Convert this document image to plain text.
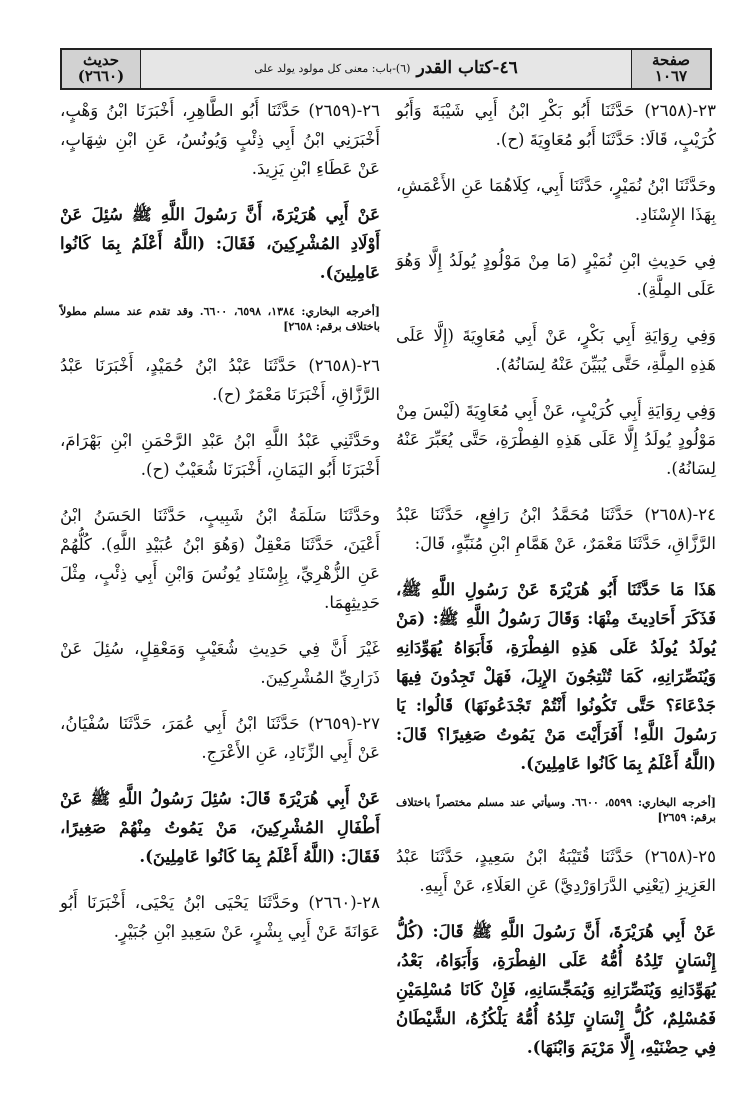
صفحة
١٠٦٧
٤٦-كتاب القدر
(٦)-باب: معنى كل مولود يولد على
حديث
(٢٦٦٠)

٢٣-(٢٦٥٨) حَدَّثَنَا أَبُو بَكْرِ ابْنُ أَبِي شَيْبَةَ وَأَبُو كُرَيْبٍ، قَالَا: حَدَّثَنَا أَبُو مُعَاوِيَةَ (ح).

وحَدَّثَنَا ابْنُ نُمَيْرٍ، حَدَّثَنَا أَبِي، كِلَاهُمَا عَنِ الأَعْمَشِ، بِهَذَا الإِسْنَادِ.

فِي حَدِيثِ ابْنِ نُمَيْرٍ (مَا مِنْ مَوْلُودٍ يُولَدُ إِلَّا وَهُوَ عَلَى المِلَّةِ).

وَفِي رِوَايَةِ أَبِي بَكْرٍ، عَنْ أَبِي مُعَاوِيَةَ (إِلَّا عَلَى هَذِهِ المِلَّةِ، حَتَّى يُبَيِّنَ عَنْهُ لِسَانُهُ).

وَفِي رِوَايَةِ أَبِي كُرَيْبٍ، عَنْ أَبِي مُعَاوِيَةَ (لَيْسَ مِنْ مَوْلُودٍ يُولَدُ إِلَّا عَلَى هَذِهِ الفِطْرَةِ، حَتَّى يُعَبِّرَ عَنْهُ لِسَانُهُ).

٢٤-(٢٦٥٨) حَدَّثَنَا مُحَمَّدُ ابْنُ رَافِعٍ، حَدَّثَنَا عَبْدُ الرَّزَّاقِ، حَدَّثَنَا مَعْمَرٌ، عَنْ هَمَّامِ ابْنِ مُنَبِّهٍ، قَالَ:

هَذَا مَا حَدَّثَنَا أَبُو هُرَيْرَةَ عَنْ رَسُولِ اللَّهِ ﷺ، فَذَكَرَ أَحَادِيثَ مِنْهَا: وَقَالَ رَسُولُ اللَّهِ ﷺ: (مَنْ يُولَدُ يُولَدُ عَلَى هَذِهِ الفِطْرَةِ، فَأَبَوَاهُ يُهَوِّدَانِهِ وَيُنَصِّرَانِهِ، كَمَا تُنْتِجُونَ الإِبِلَ، فَهَلْ تَجِدُونَ فِيهَا جَدْعَاءَ؟ حَتَّى تَكُونُوا أَنْتُمْ تَجْدَعُونَهَا) قَالُوا: يَا رَسُولَ اللَّهِ! أَفَرَأَيْتَ مَنْ يَمُوتُ صَغِيرًا؟ قَالَ: (اللَّهُ أَعْلَمُ بِمَا كَانُوا عَامِلِينَ).

[أخرجه البخاري: ٥٥٩٩، ٦٦٠٠. وسيأتي عند مسلم مختصراً باختلاف برقم: ٢٦٥٩]

٢٥-(٢٦٥٨) حَدَّثَنَا قُتَيْبَةُ ابْنُ سَعِيدٍ، حَدَّثَنَا عَبْدُ العَزِيزِ (يَعْنِي الدَّرَاوَرْدِيَّ) عَنِ العَلَاءِ، عَنْ أَبِيهِ.

عَنْ أَبِي هُرَيْرَةَ، أَنَّ رَسُولَ اللَّهِ ﷺ قَالَ: (كُلُّ إِنْسَانٍ تَلِدُهُ أُمُّهُ عَلَى الفِطْرَةِ، وَأَبَوَاهُ، بَعْدُ، يُهَوِّدَانِهِ وَيُنَصِّرَانِهِ وَيُمَجِّسَانِهِ، فَإِنْ كَانَا مُسْلِمَيْنِ فَمُسْلِمٌ، كُلُّ إِنْسَانٍ تَلِدُهُ أُمُّهُ يَلْكُزُهُ، الشَّيْطَانُ فِي حِضْنَيْهِ، إِلَّا مَرْيَمَ وَابْنَهَا).

٢٦-(٢٦٥٩) حَدَّثَنَا أَبُو الطَّاهِرِ، أَخْبَرَنَا ابْنُ وَهْبٍ، أَخْبَرَنِي ابْنُ أَبِي ذِئْبٍ وَيُونُسُ، عَنِ ابْنِ شِهَابٍ، عَنْ عَطَاءِ ابْنِ يَزِيدَ.

عَنْ أَبِي هُرَيْرَةَ، أَنَّ رَسُولَ اللَّهِ ﷺ سُئِلَ عَنْ أَوْلَادِ المُشْرِكِينَ، فَقَالَ: (اللَّهُ أَعْلَمُ بِمَا كَانُوا عَامِلِينَ).

[أخرجه البخاري: ١٣٨٤، ٦٥٩٨، ٦٦٠٠. وقد تقدم عند مسلم مطولاً باختلاف برقم: ٢٦٥٨]

٢٦-(٢٦٥٨) حَدَّثَنَا عَبْدُ ابْنُ حُمَيْدٍ، أَخْبَرَنَا عَبْدُ الرَّزَّاقِ، أَخْبَرَنَا مَعْمَرٌ (ح).

وحَدَّثَنِي عَبْدُ اللَّهِ ابْنُ عَبْدِ الرَّحْمَنِ ابْنِ بَهْرَامَ، أَخْبَرَنَا أَبُو اليَمَانِ، أَخْبَرَنَا شُعَيْبٌ (ح).

وحَدَّثَنَا سَلَمَةُ ابْنُ شَبِيبٍ، حَدَّثَنَا الحَسَنُ ابْنُ أَعْيَنَ، حَدَّثَنَا مَعْقِلٌ (وَهُوَ ابْنُ عُبَيْدِ اللَّهِ). كُلُّهُمْ عَنِ الزُّهْرِيِّ، بِإِسْنَادِ يُونُسَ وَابْنِ أَبِي ذِئْبٍ، مِثْلَ حَدِيثِهِمَا.

غَيْرَ أَنَّ فِي حَدِيثِ شُعَيْبٍ وَمَعْقِلٍ، سُئِلَ عَنْ ذَرَارِيِّ المُشْرِكِينَ.

٢٧-(٢٦٥٩) حَدَّثَنَا ابْنُ أَبِي عُمَرَ، حَدَّثَنَا سُفْيَانُ، عَنْ أَبِي الزِّنَادِ، عَنِ الأَعْرَجِ.

عَنْ أَبِي هُرَيْرَةَ قَالَ: سُئِلَ رَسُولُ اللَّهِ ﷺ عَنْ أَطْفَالِ المُشْرِكِينَ، مَنْ يَمُوتُ مِنْهُمْ صَغِيرًا، فَقَالَ: (اللَّهُ أَعْلَمُ بِمَا كَانُوا عَامِلِينَ).

٢٨-(٢٦٦٠) وحَدَّثَنَا يَحْيَى ابْنُ يَحْيَى، أَخْبَرَنَا أَبُو عَوَانَةَ عَنْ أَبِي بِشْرٍ، عَنْ سَعِيدِ ابْنِ جُبَيْرٍ.
